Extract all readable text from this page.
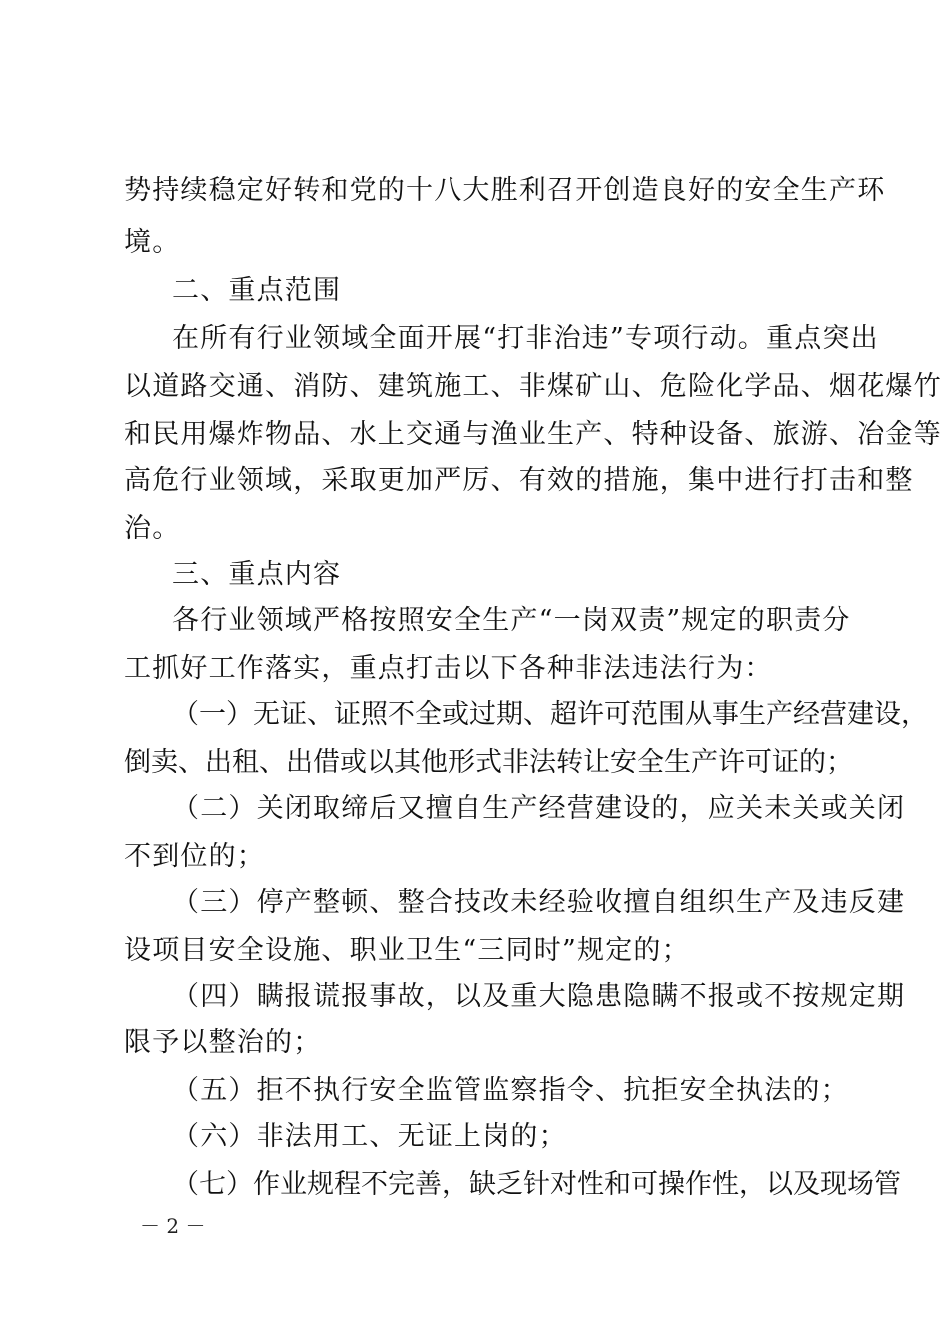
势持续稳定好转和党的十八大胜利召开创造良好的安全生产环
境。
二、重点范围
在所有行业领域全面开展“打非治违”专项行动。重点突出
以道路交通、消防、建筑施工、非煤矿山、危险化学品、烟花爆竹
和民用爆炸物品、水上交通与渔业生产、特种设备、旅游、冶金等
高危行业领域，采取更加严厉、有效的措施，集中进行打击和整
治。
三、重点内容
各行业领域严格按照安全生产“一岗双责”规定的职责分
工抓好工作落实，重点打击以下各种非法违法行为：
（一）无证、证照不全或过期、超许可范围从事生产经营建设，
倒卖、出租、出借或以其他形式非法转让安全生产许可证的；
（二）关闭取缔后又擅自生产经营建设的，应关未关或关闭
不到位的；
（三）停产整顿、整合技改未经验收擅自组织生产及违反建
设项目安全设施、职业卫生“三同时”规定的；
（四）瞒报谎报事故，以及重大隐患隐瞒不报或不按规定期
限予以整治的；
（五）拒不执行安全监管监察指令、抗拒安全执法的；
（六）非法用工、无证上岗的；
（七）作业规程不完善，缺乏针对性和可操作性，以及现场管
－ 2 －
